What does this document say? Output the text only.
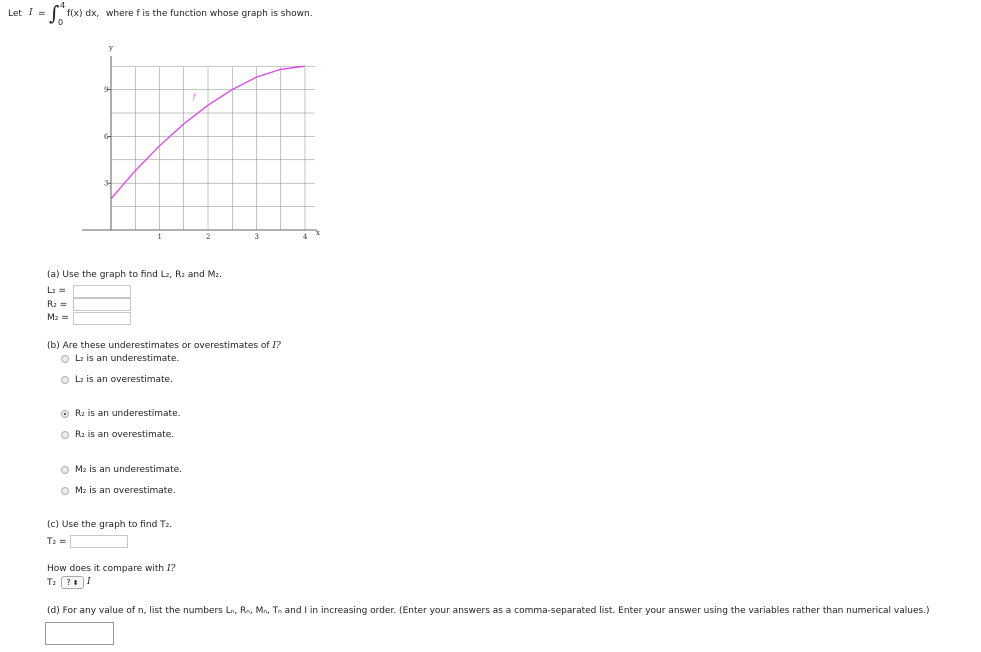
Let I = ∫ 4
0
f(x) dx, where f is the function whose graph is shown.
y
x
f
1	2	3	4
3
6
9
(a) Use the graph to find L₂, R₂ and M₂.
L₂ =
R₂ =
M₂ =
(b) Are these underestimates or overestimates of I?
L₂ is an underestimate.
L₂ is an overestimate.
R₂ is an underestimate.
R₂ is an overestimate.
M₂ is an underestimate.
M₂ is an overestimate.
(c) Use the graph to find T₂.
T₂ =
How does it compare with I?
T₂	? ⬍ I
(d) For any value of n, list the numbers Lₙ, Rₙ, Mₙ, Tₙ and I in increasing order. (Enter your answers as a comma-separated list. Enter your answer using the variables rather than numerical values.)
